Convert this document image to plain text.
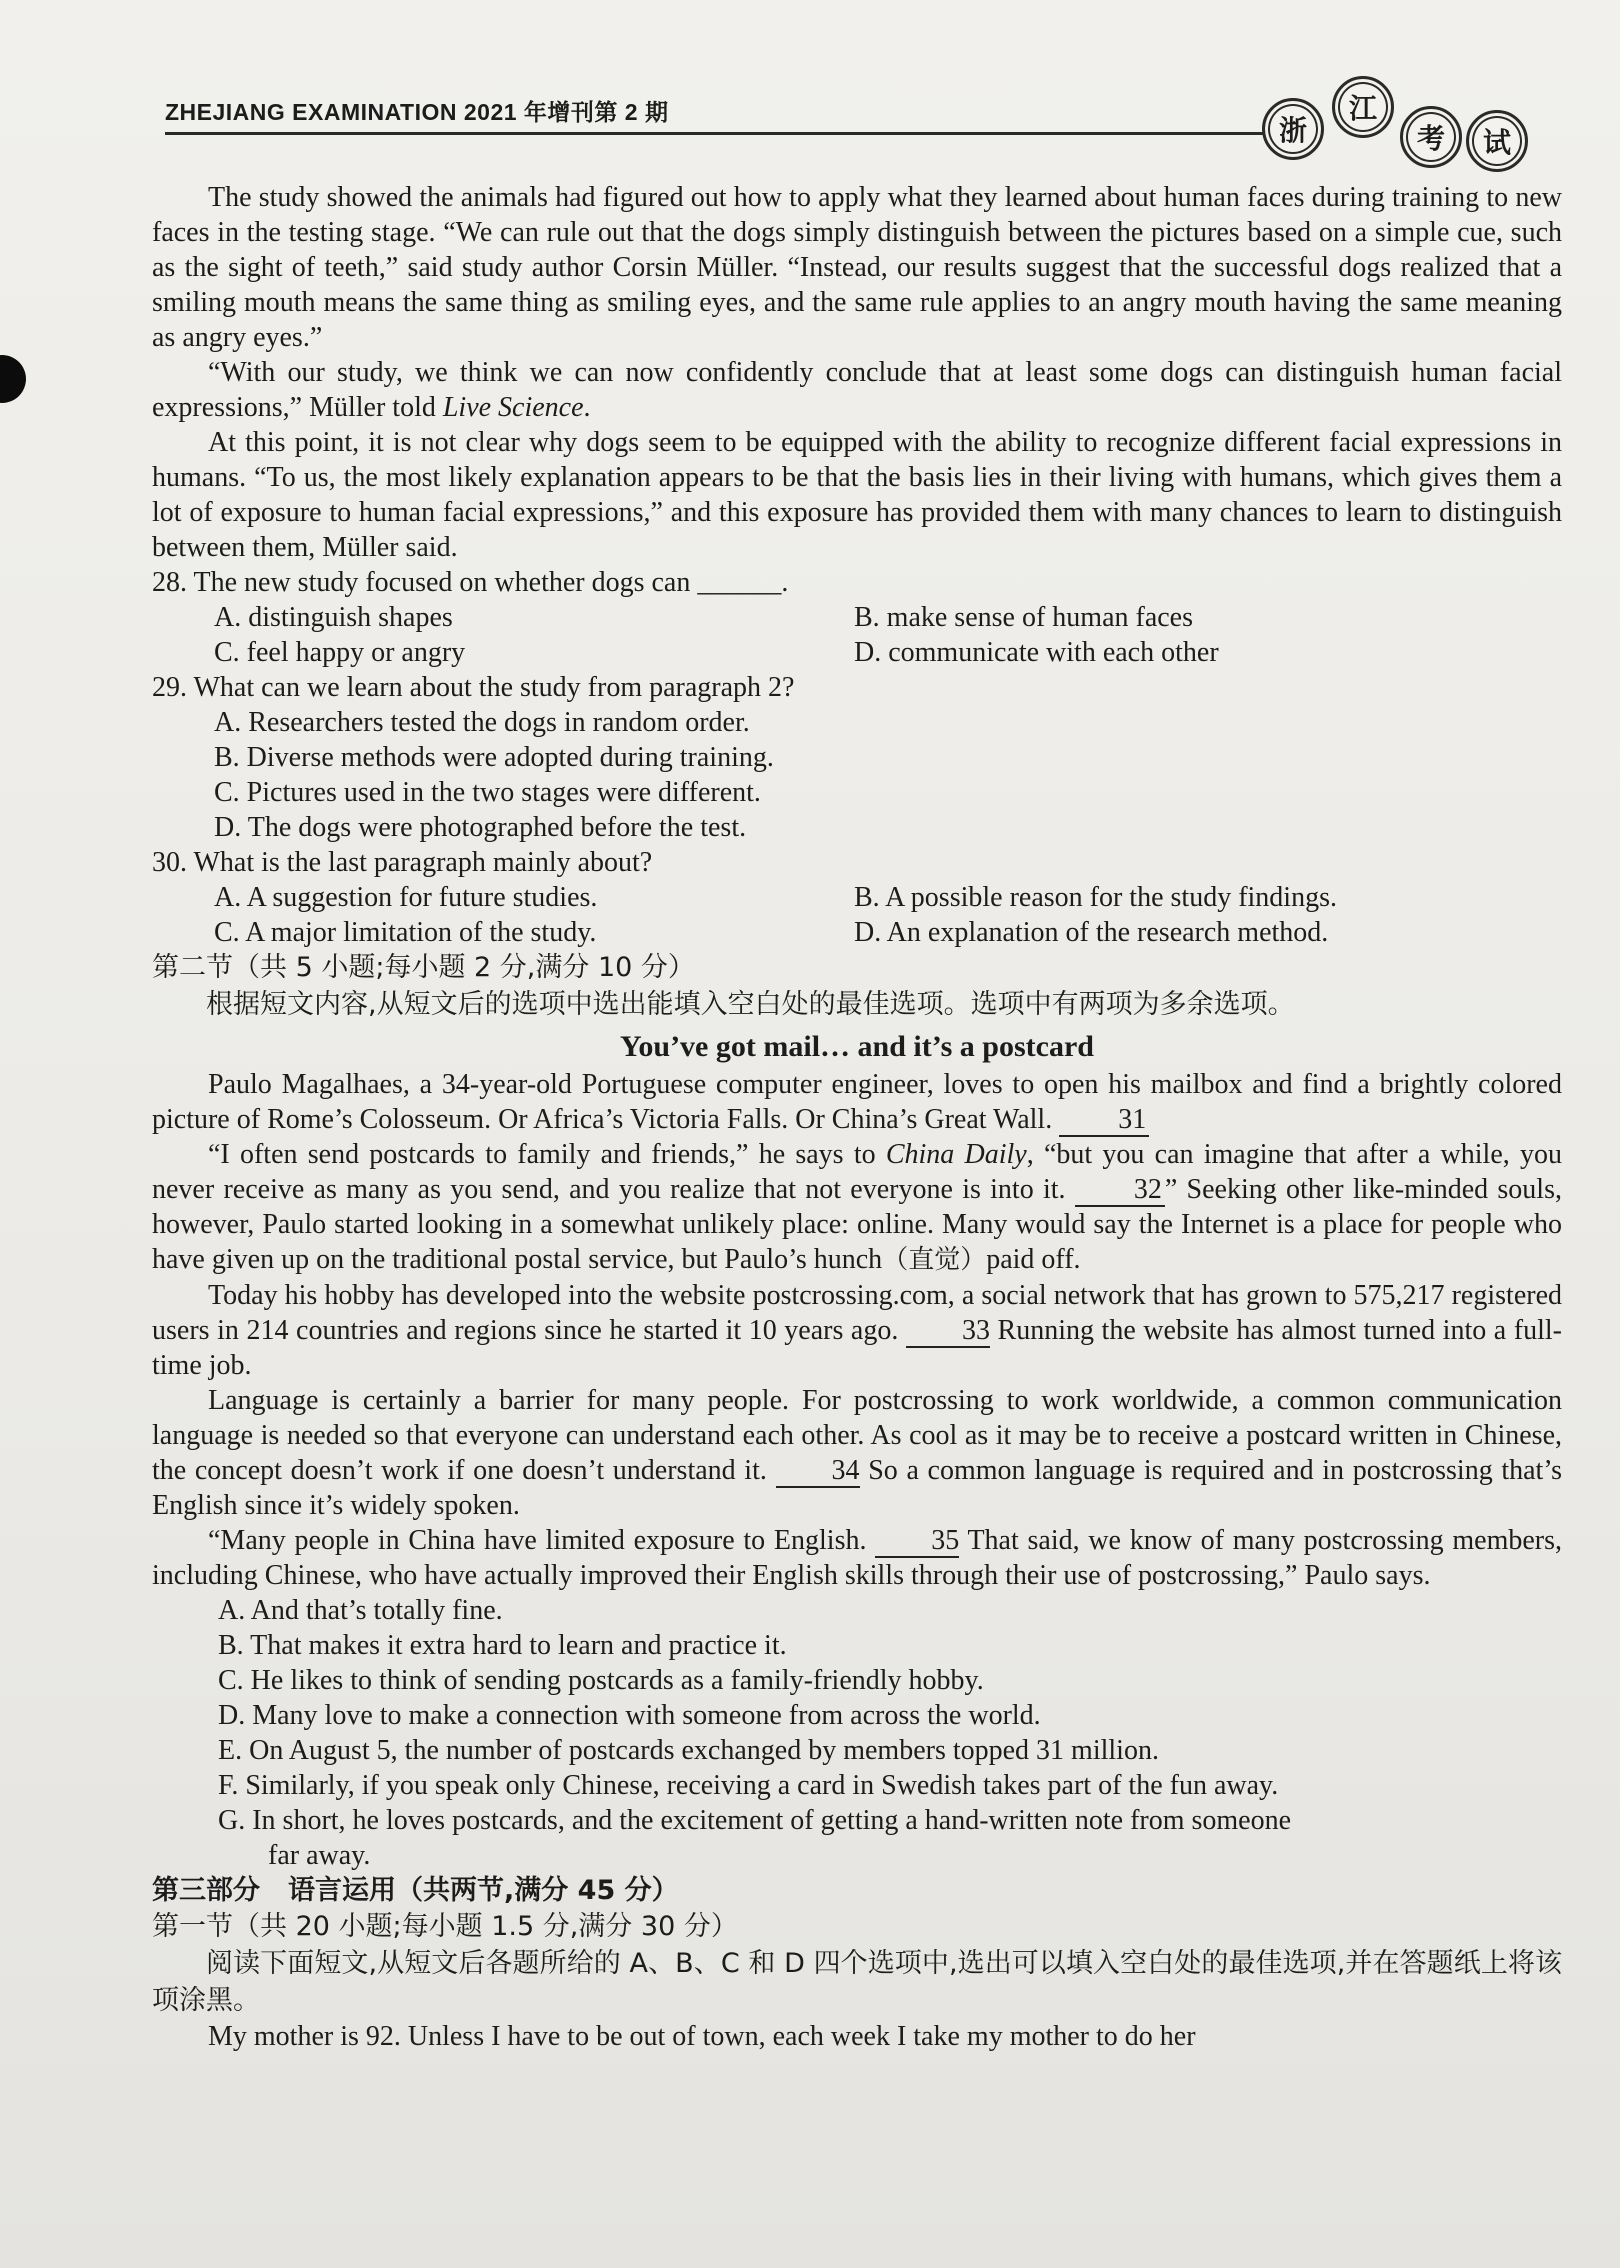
ZHEJIANG EXAMINATION 2021 年增刊第 2 期
浙
江
考	试

The study showed the animals had figured out how to apply what they learned about human faces during training to new faces in the testing stage. “We can rule out that the dogs simply distinguish between the pictures based on a simple cue, such as the sight of teeth,” said study author Corsin Müller. “Instead, our results suggest that the successful dogs realized that a smiling mouth means the same thing as smiling eyes, and the same rule applies to an angry mouth having the same meaning as angry eyes.”

“With our study, we think we can now confidently conclude that at least some dogs can distinguish human facial expressions,” Müller told Live Science.

At this point, it is not clear why dogs seem to be equipped with the ability to recognize different facial expressions in humans. “To us, the most likely explanation appears to be that the basis lies in their living with humans, which gives them a lot of exposure to human facial expressions,” and this exposure has provided them with many chances to learn to distinguish between them, Müller said.

28. The new study focused on whether dogs can ______.

A. distinguish shapes	B. make sense of human faces

C. feel happy or angry	D. communicate with each other

29. What can we learn about the study from paragraph 2?

A. Researchers tested the dogs in random order.

B. Diverse methods were adopted during training.

C. Pictures used in the two stages were different.

D. The dogs were photographed before the test.

30. What is the last paragraph mainly about?

A. A suggestion for future studies.	B. A possible reason for the study findings.

C. A major limitation of the study.	D. An explanation of the research method.

第二节（共 5 小题;每小题 2 分,满分 10 分）

根据短文内容,从短文后的选项中选出能填入空白处的最佳选项。选项中有两项为多余选项。

You’ve got mail… and it’s a postcard

Paulo Magalhaes, a 34-year-old Portuguese computer engineer, loves to open his mailbox and find a brightly colored picture of Rome’s Colosseum. Or Africa’s Victoria Falls. Or China’s Great Wall. 31

“I often send postcards to family and friends,” he says to China Daily, “but you can imagine that after a while, you never receive as many as you send, and you realize that not everyone is into it. 32 ” Seeking other like-minded souls, however, Paulo started looking in a somewhat unlikely place: online. Many would say the Internet is a place for people who have given up on the traditional postal service, but Paulo’s hunch（直觉）paid off.

Today his hobby has developed into the website postcrossing.com, a social network that has grown to 575,217 registered users in 214 countries and regions since he started it 10 years ago. 33 Running the website has almost turned into a full-time job.

Language is certainly a barrier for many people. For postcrossing to work worldwide, a common communication language is needed so that everyone can understand each other. As cool as it may be to receive a postcard written in Chinese, the concept doesn’t work if one doesn’t understand it. 34 So a common language is required and in postcrossing that’s English since it’s widely spoken.

“Many people in China have limited exposure to English. 35 That said, we know of many postcrossing members, including Chinese, who have actually improved their English skills through their use of postcrossing,” Paulo says.

A. And that’s totally fine.

B. That makes it extra hard to learn and practice it.

C. He likes to think of sending postcards as a family-friendly hobby.

D. Many love to make a connection with someone from across the world.

E. On August 5, the number of postcards exchanged by members topped 31 million.

F. Similarly, if you speak only Chinese, receiving a card in Swedish takes part of the fun away.

G. In short, he loves postcards, and the excitement of getting a hand-written note from someone
far away.

第三部分 语言运用（共两节,满分 45 分）

第一节（共 20 小题;每小题 1.5 分,满分 30 分）

阅读下面短文,从短文后各题所给的 A、B、C 和 D 四个选项中,选出可以填入空白处的最佳选项,并在答题纸上将该项涂黑。

My mother is 92. Unless I have to be out of town, each week I take my mother to do her
